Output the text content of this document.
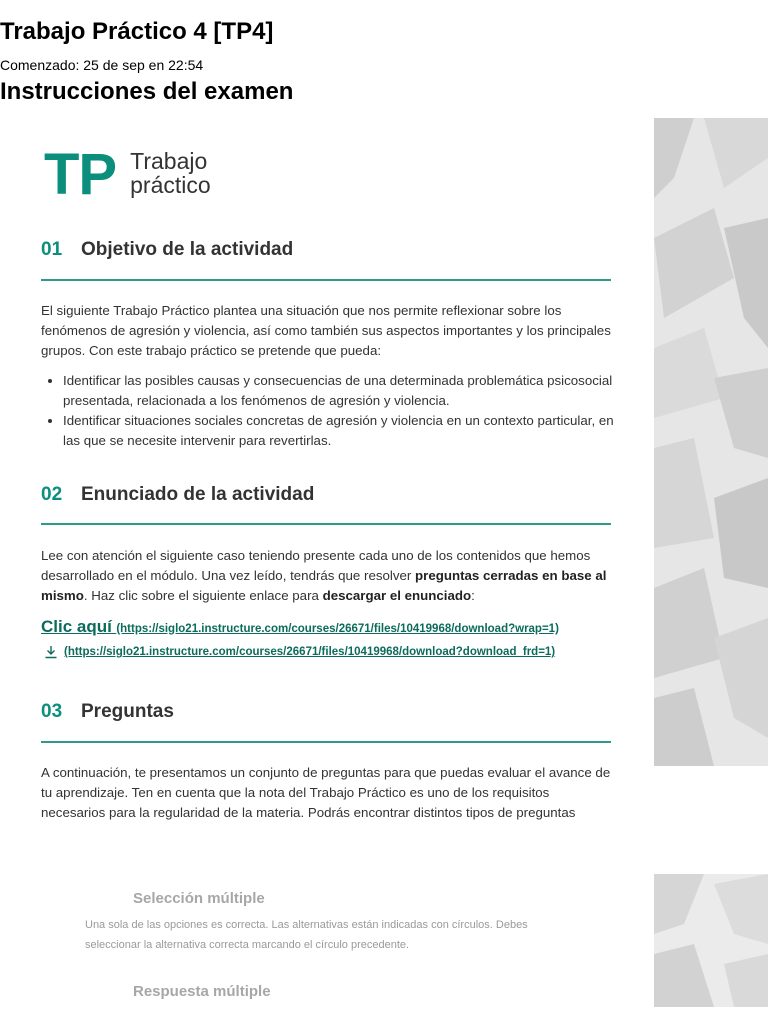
Trabajo Práctico 4 [TP4]
Comenzado: 25 de sep en 22:54
Instrucciones del examen
TP Trabajo
práctico
01 Objetivo de la actividad

El siguiente Trabajo Práctico plantea una situación que nos permite reflexionar sobre los fenómenos de agresión y violencia, así como también sus aspectos importantes y los principales grupos. Con este trabajo práctico se pretende que pueda:

• Identificar las posibles causas y consecuencias de una determinada problemática psicosocial presentada, relacionada a los fenómenos de agresión y violencia.
• Identificar situaciones sociales concretas de agresión y violencia en un contexto particular, en las que se necesite intervenir para revertirlas.
02 Enunciado de la actividad

Lee con atención el siguiente caso teniendo presente cada uno de los contenidos que hemos desarrollado en el módulo. Una vez leído, tendrás que resolver preguntas cerradas en base al mismo. Haz clic sobre el siguiente enlace para descargar el enunciado:

Clic aquí (https://siglo21.instructure.com/courses/26671/files/10419968/download?wrap=1)
(https://siglo21.instructure.com/courses/26671/files/10419968/download?download_frd=1)
03 Preguntas

A continuación, te presentamos un conjunto de preguntas para que puedas evaluar el avance de tu aprendizaje. Ten en cuenta que la nota del Trabajo Práctico es uno de los requisitos necesarios para la regularidad de la materia. Podrás encontrar distintos tipos de preguntas

Selección múltiple

Una sola de las opciones es correcta. Las alternativas están indicadas con círculos. Debes seleccionar la alternativa correcta marcando el círculo precedente.

Respuesta múltiple
